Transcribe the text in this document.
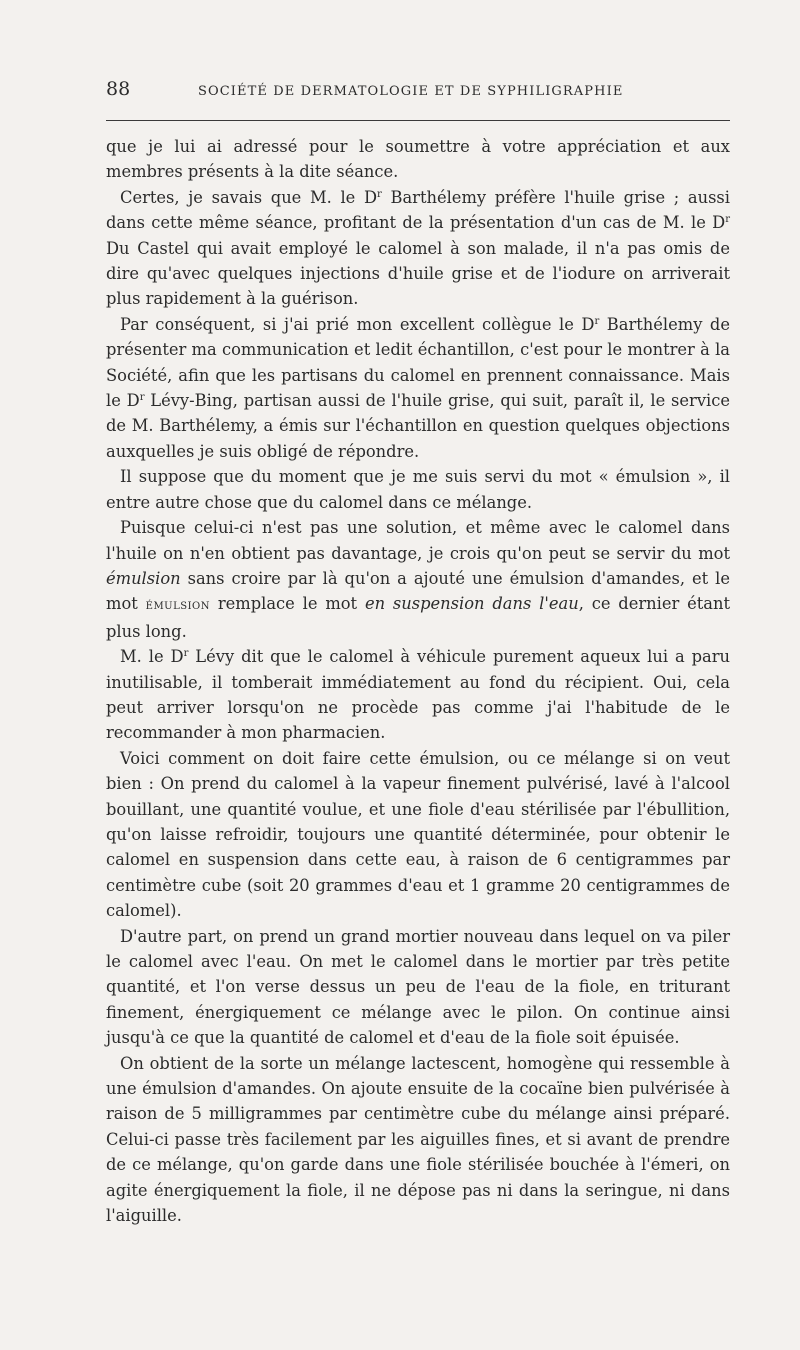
88	SOCIÉTÉ DE DERMATOLOGIE ET DE SYPHILIGRAPHIE

que je lui ai adressé pour le soumettre à votre appréciation et aux membres présents à la dite séance.

Certes, je savais que M. le $D^r$ Barthélemy préfère l'huile grise ; aussi dans cette même séance, profitant de la présentation d'un cas de M. le $D^r$ Du Castel qui avait employé le calomel à son malade, il n'a pas omis de dire qu'avec quelques injections d'huile grise et de l'iodure on arriverait plus rapidement à la guérison.

Par conséquent, si j'ai prié mon excellent collègue le $D^r$ Barthélemy de présenter ma communication et ledit échantillon, c'est pour le montrer à la Société, afin que les partisans du calomel en prennent connaissance. Mais le $D^r$ Lévy-Bing, partisan aussi de l'huile grise, qui suit, paraît il, le service de M. Barthélemy, a émis sur l'échantillon en question quelques objections auxquelles je suis obligé de répondre.

Il suppose que du moment que je me suis servi du mot « émulsion », il entre autre chose que du calomel dans ce mélange.

Puisque celui-ci n'est pas une solution, et même avec le calomel dans l'huile on n'en obtient pas davantage, je crois qu'on peut se servir du mot émulsion sans croire par là qu'on a ajouté une émulsion d'amandes, et le mot émulsion remplace le mot en suspension dans l'eau, ce dernier étant plus long.

M. le $D^r$ Lévy dit que le calomel à véhicule purement aqueux lui a paru inutilisable, il tomberait immédiatement au fond du récipient. Oui, cela peut arriver lorsqu'on ne procède pas comme j'ai l'habitude de le recommander à mon pharmacien.

Voici comment on doit faire cette émulsion, ou ce mélange si on veut bien : On prend du calomel à la vapeur finement pulvérisé, lavé à l'alcool bouillant, une quantité voulue, et une fiole d'eau stérilisée par l'ébullition, qu'on laisse refroidir, toujours une quantité déterminée, pour obtenir le calomel en suspension dans cette eau, à raison de 6 centigrammes par centimètre cube (soit 20 grammes d'eau et 1 gramme 20 centigrammes de calomel).

D'autre part, on prend un grand mortier nouveau dans lequel on va piler le calomel avec l'eau. On met le calomel dans le mortier par très petite quantité, et l'on verse dessus un peu de l'eau de la fiole, en triturant finement, énergiquement ce mélange avec le pilon. On continue ainsi jusqu'à ce que la quantité de calomel et d'eau de la fiole soit épuisée.

On obtient de la sorte un mélange lactescent, homogène qui ressemble à une émulsion d'amandes. On ajoute ensuite de la cocaïne bien pulvérisée à raison de 5 milligrammes par centimètre cube du mélange ainsi préparé. Celui-ci passe très facilement par les aiguilles fines, et si avant de prendre de ce mélange, qu'on garde dans une fiole stérilisée bouchée à l'émeri, on agite énergiquement la fiole, il ne dépose pas ni dans la seringue, ni dans l'aiguille.
